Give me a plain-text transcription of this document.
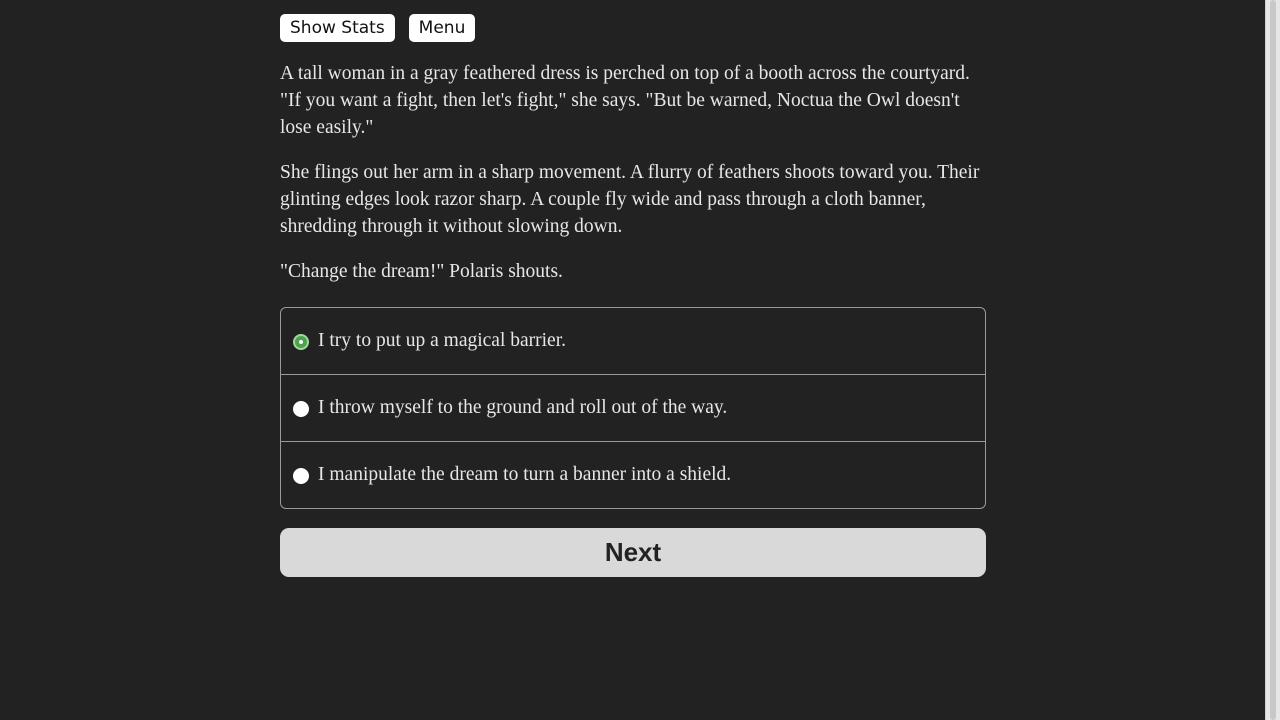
Show Stats	Menu

A tall woman in a gray feathered dress is perched on top of a booth across the courtyard. "If you want a fight, then let's fight," she says. "But be warned, Noctua the Owl doesn't lose easily."

She flings out her arm in a sharp movement. A flurry of feathers shoots toward you. Their glinting edges look razor sharp. A couple fly wide and pass through a cloth banner, shredding through it without slowing down.

"Change the dream!" Polaris shouts.

I try to put up a magical barrier.
I throw myself to the ground and roll out of the way.
I manipulate the dream to turn a banner into a shield.
Next
